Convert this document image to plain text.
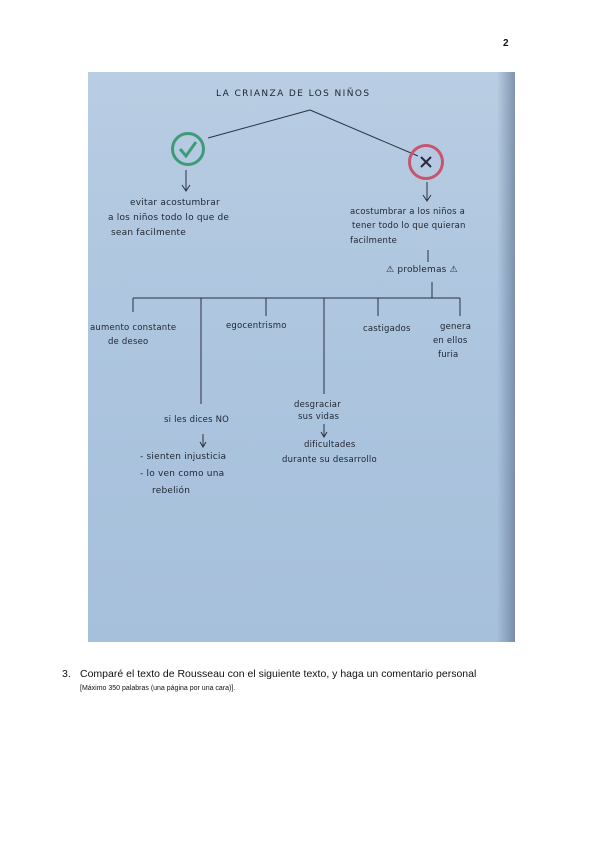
2
LA CRIANZA DE LOS NIÑOS
evitar acostumbrar
a los niños todo lo que de
sean facilmente
acostumbrar a los niños a
tener todo lo que quieran
facilmente
⚠ problemas ⚠
aumento constante
de deseo
egocentrismo
desgraciar
sus vidas
castigados	genera
en ellos
furia
si les dices NO
- sienten injusticia
- lo ven como una
rebelión
dificultades
durante su desarrollo
3. Comparé el texto de Rousseau con el siguiente texto, y haga un comentario personal
[Máximo 350 palabras (una página por una cara)].
